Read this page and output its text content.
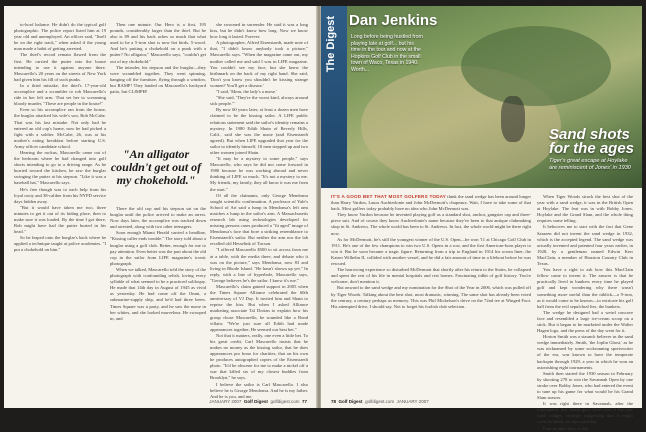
to-hoof balance. He didn't do the typical golf photographic. The police report listed him at 19 year old and unemployed. An officer said, "Itself be on the right track," when asked if the young man made a habit of getting arrested.

The thief's record remain flawed from the first. He carried the putter into the house intending to use it against anyone there. Mascarello's 20 years on the streets of New York had given him his fill of such punks.

In a third mistake, the thief's 17-year-old accomplice and a scrambler to rob Mascarello's ride in her left arm. That set her to screaming bloody murder, "These are people in the house!"

Even so his accomplice ran from the house, the burglar attacked his wife's son, Rob McCabe. That was his last mistake. Not only had he entered an old cop's home, now he had picked a fight with a soldier. McCabe, 26, was at his mother's eating breakfast before starting U.S. Army officer candidate school.

Hearing the ruckus, Mascarello came out of the bedroom where he had changed into golf shorts intending to go to a driving range. As he hurried toward the kitchen, he saw the burglar swinging the putter at his stepson. "Like it was a baseball bat," Mascarello says.

He's free though was to each help from his loyal rooty and 38-caliber from his NYPD service days hidden away.

"But it would have taken me two, three minutes to get it out of its hiding place, then to make sure it was loaded. By the time I got there, Rob might have had the putter buried in his head."

So he leaped onto the burglar's back where he applied a technique taught at police academies. "I put a chokehold on him."

Then one minute. Our Hero is a first, 195 pounds, considerably larger than the thief. But he also is 89 and his back aches so much that what used to be a 5-iron shot is now 6ot birds. 5-wood. And he's putting a chokehold on a punk with a putter? No alligator," Mascarello says, "couldn't get out of my chokehold."

The intruder, his stepson and the burglar—they were scrambled together. They went spinning, banging off the furniture, flying through a window, but RAMP! They landed on Mascarello's backyard patio, but CLIMPH!

"An alligator couldn't get out of my chokehold."

There the old cop and his stepson sat on the burglar until the police arrived to make an arrest. Now days later, the accomplice was tracked down and arrested, along with two other teenagers.

Soon enough Miami Herald carried a headline, "Kissing caller ends trouble." The story told about a burglar using a golf club. Better, enough for me to pay attention. Even better was the part about the old cop in the sailor from LIFE magazine's iconic photograph.

When we talked, Mascarello told the story of the photograph with confounding relish, loving every syllable of what seemed to be a practiced soliloquy. He made that 14th day in August of 1945 as vivid as yesterday. He had come off the Omni, a submarine-supply ship, and he'd had three beers. Times Square was a party, and he saw the nurse in her whites, and she looked marvelous. He swooped in, and

she swooned in surrender. He said it was a long kiss, but he didn't know how long. Now we know how long it lasted. Forever.

A photographer, Alfred Eisenstaedt, made note of that, "I didn't know anybody took a picture," Mascarello says. "When the magazine came out, my mother called me and said I was in LIFE magazine. You couldn't see my face, but she knew the birthmark on the back of my right hand. She said, 'Don't you know you shouldn't be kissing strange women? You'll get a disease.'

"I said, 'Mom, the lady's a nurse.'

"She said, 'They're the worst kind, always around sick people.'"

By now 60 years later, at least a dozen men have claimed to be the kissing sailor. A LIFE public relations statement said the sailor's identity remains a mystery. In 1980 Edith Shain of Beverly Hills, Calif., said she was the nurse (and Eisenstaedt agreed). But when LIFE upgraded that year for the sailor to identify himself, 10 men stepped up and two other women joined Shain.

"It may be a mystery to some people," says Mascarello, who says he did not come forward in 1980 because he was working abroad and never thinking of LIFE so much. "It's not a mystery to me. My friends, my family, they all know it was me from the start."

Of all the claimants, only George Mendonsa sought scientific confirmation. A professor of Yale's School of Art said a lump in Mendonsa's left arm matches a lump in the sailor's arm. A Massachusetts research lab using technologies developed for missing persons cases produced a "fit aged" image of Mendonsa's face that bore a striking resemblance to Eisenstaedt's sailor. But neither the arm nor the lab recalled old Hesselink of Tucson.

"I offered Mascarello $500 to sit across from me at a table, with the media there, and debate who it was on the picture," says Mendonsa, now 83 and living in Rhode Island. "He hasn't shown up yet." In reply, with a line of hyperbole, Mascarello says, "George believes he's the sailor. I know it's me."

Mascarello's claim gained support in 2005 when the Times Square Alliance celebrated the 60th anniversary of VJ Day. It invited him and Shain to reprise the kiss. But when I asked Alliance marketing associate Tal Dorian to explain how his group chose Mascarello, he sounded like a Bond villain: "We're just sure all Edith had made appearances together, He seemed our best bet."

Not that it matters, really, one even a little bet. To his great credit, Carl Mascarello insists that he makes no money as the kissing sailor, that he does appearances pro bono for charities, that on his own he produces autographed copies of the Eisenstaedt photo. "It'd be obscene for me to make a nickel off a war that killed six of my closest buddies from Brooklyn," he says.

I believe the sailor is Carl Mascarello. I also believe he is George Mendonsa. And he is my father. And he is you, and me.

JANUARY 2007 Golf Digest golfdigest.com 77
The Digest Dan Jenkins
Long before being hustled from playing late at golf... but his time in the tour and now at the Hopkins Golf Club in the small town of Waco, Texas in 1940. Worth...
Sand shots for the ages
Tiger's great escape at Hoylake are reminiscent of Jones' in 1930

IT'S A GOOD BET THAT MOST GOLFERS TODAY think the sand wedge has been around longer than Harry Vardon, Laura Auchterlonie and John McDermott's chapeaux. Wait, I have to take some of that back. Most golfers today probably have no idea who John McDermott was.

They know Vardon because he invented playing golf as a standard shot, anchor, gangster cap and three-piece suit. And of course they know Auchterlonie's name because they've been to that antique clubmaking shop in St. Andrews. The whole world has been to St. Andrews. In fact, the whole world might be there right now.

As for McDermott, he's still the youngest winner of the U.S. Open—he won '11 at Chicago Golf Club in 1911. He's one of the few champions to win two U.S. Opens in a row, and the first American-born player to win it. But he soon became a tragic figure. Returning from a trip to England in 1914 his ocean liner, the Kaiser Wilhelm II, collided with another vessel, and he did a fair amount of time in a lifeboat before he was rescued.

The harrowing experience so disturbed McDermott that shortly after his return to the States, he collapsed and spent the rest of his life in mental hospitals and rest homes. Fascinating tidbit of golf history. You're welcome, don't mention it.

But onward to the sand wedge and my nomination for the Shot of the Year in 2006, which was pulled off by Tiger Woods. Talking about the best shot, most dramatic, winning. The same shot has already been voted the century, a century perhaps as memory. This was Phil Mickelson's drive on the 72nd tee at Winged Foot. His attempted drive, I should say. Not to forget his foolish club selection.

When Tiger Woods struck the best shot of the year with a sand wedge, it was in the British Open at Hoylake. The feat was in with Bobby Jones, Hoylake and the Grand Slam, and the whole thing requires some telling.

It behooves me to start with the fact that Gene Sarazen did not invent the sand wedge in 1932, which is the accepted legend. The sand wedge was actually invented and patented four years earlier, in 1928, by a gentleman named Edwin Kerr MacClain, a member of Houston Country Club in Texas.

You have a right to ask how this MacClain fellow came to invent it. The answer is that he practically lived in bunkers every time he played golf and kept wondering why there wasn't something more useful than the niblick—a 9-iron, as it would come to be known—to extricate his golf ball from the evil sepulchral lies, the bunkers.

The wedge he designed had a weird concave face and resembled a large ice-cream scoop on a stick. But it began to be marketed under the Walter Hagen logo, and the press of the day went for it.

Horton Smith was a staunch believer in the sand wedge immediately. Smith, 'the Joplin Ghost,' as he was nicknamed by some sockrunning sportswriter of the era, was known to have the temperate backspin through 1929, a year in which he won an astonishing eight tournaments.

Smith then started the 1930 season in February by shooting 278 to win the Savannah Open by one stroke over Bobby Jones, who had entered the event to tune up his game for what would be his Grand Slam season.

It was right there in Savannah, after the tournament, that Smith gave Jones one of the new sand wedges, strongly suggesting that it might come in handy for him someday.

Four months later, it did.

78 Golf Digest golfdigest.com JANUARY 2007
